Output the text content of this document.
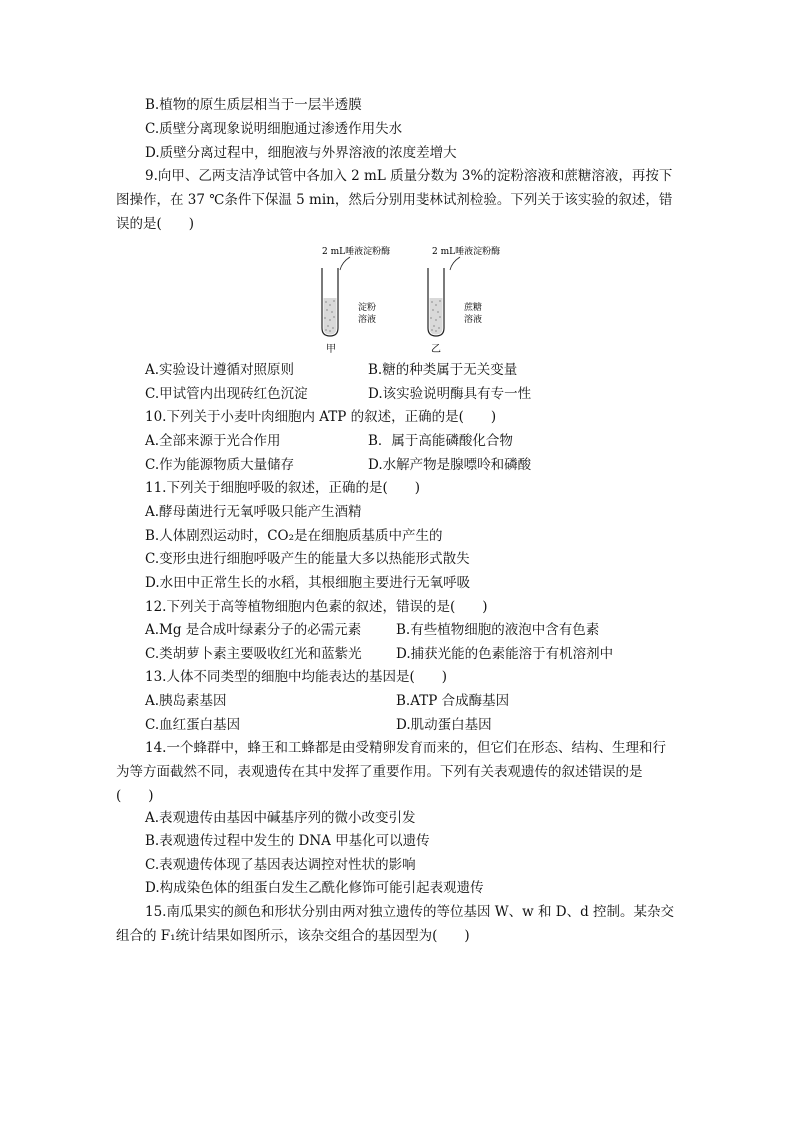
B.植物的原生质层相当于一层半透膜
C.质壁分离现象说明细胞通过渗透作用失水
D.质壁分离过程中，细胞液与外界溶液的浓度差增大
9.向甲、乙两支洁净试管中各加入 2 mL 质量分数为 3%的淀粉溶液和蔗糖溶液，再按下
图操作，在 37 ℃条件下保温 5 min，然后分别用斐林试剂检验。下列关于该实验的叙述，错
误的是(　　)
2 mL唾液淀粉酶
淀粉
溶液
甲
2 mL唾液淀粉酶
蔗糖
溶液
乙
A.实验设计遵循对照原则	B.糖的种类属于无关变量
C.甲试管内出现砖红色沉淀	D.该实验说明酶具有专一性
10.下列关于小麦叶肉细胞内 ATP 的叙述，正确的是(　　)
A.全部来源于光合作用	B．属于高能磷酸化合物
C.作为能源物质大量储存	D.水解产物是腺嘌呤和磷酸
11.下列关于细胞呼吸的叙述，正确的是(　　)
A.酵母菌进行无氧呼吸只能产生酒精
B.人体剧烈运动时，CO₂是在细胞质基质中产生的
C.变形虫进行细胞呼吸产生的能量大多以热能形式散失
D.水田中正常生长的水稻，其根细胞主要进行无氧呼吸
12.下列关于高等植物细胞内色素的叙述，错误的是(　　)
A.Mg 是合成叶绿素分子的必需元素	B.有些植物细胞的液泡中含有色素
C.类胡萝卜素主要吸收红光和蓝紫光	D.捕获光能的色素能溶于有机溶剂中
13.人体不同类型的细胞中均能表达的基因是(　　)
A.胰岛素基因	B.ATP 合成酶基因
C.血红蛋白基因	D.肌动蛋白基因
14.一个蜂群中，蜂王和工蜂都是由受精卵发育而来的，但它们在形态、结构、生理和行
为等方面截然不同，表观遗传在其中发挥了重要作用。下列有关表观遗传的叙述错误的是
(　　)
A.表观遗传由基因中碱基序列的微小改变引发
B.表观遗传过程中发生的 DNA 甲基化可以遗传
C.表观遗传体现了基因表达调控对性状的影响
D.构成染色体的组蛋白发生乙酰化修饰可能引起表观遗传
15.南瓜果实的颜色和形状分别由两对独立遗传的等位基因 W、w 和 D、d 控制。某杂交
组合的 F₁统计结果如图所示，该杂交组合的基因型为(　　)
